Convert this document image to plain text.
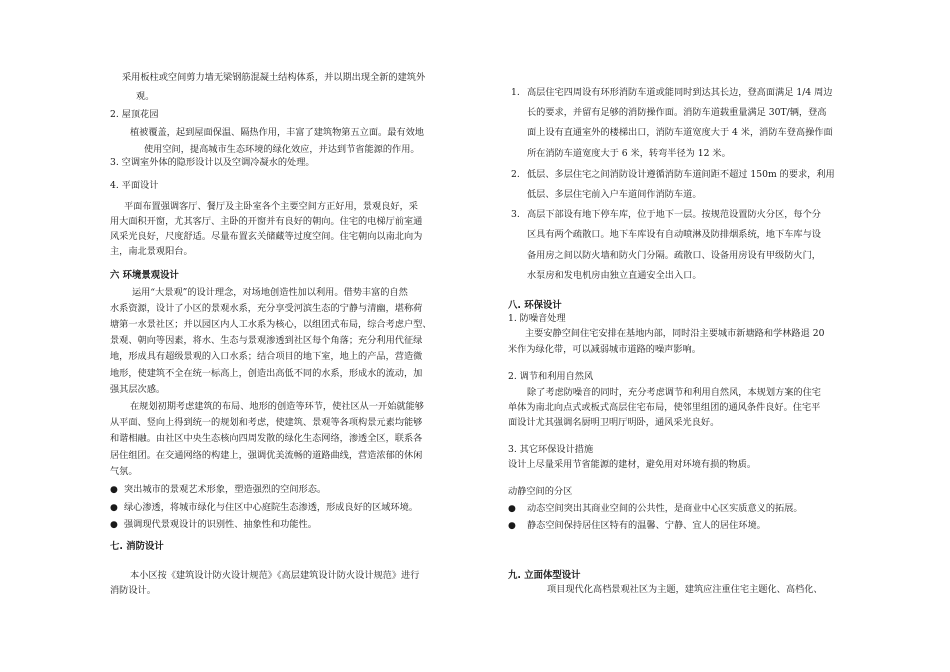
采用板柱或空间剪力墙无梁钢筋混凝土结构体系，并以期出现全新的建筑外
观。
2. 屋顶花园
植被覆盖，起到屋面保温、隔热作用，丰富了建筑物第五立面。最有效地
使用空间，提高城市生态环境的绿化效应，并达到节省能源的作用。
3. 空调室外体的隐形设计以及空调冷凝水的处理。
4. 平面设计
平面布置强调客厅、餐厅及主卧室各个主要空间方正好用，景观良好，采
用大面积开窗，尤其客厅、主卧的开窗并有良好的朝向。住宅的电梯厅前室通
风采光良好，尺度舒适。尽量布置玄关储藏等过度空间。住宅朝向以南北向为
主，南北景观阳台。
六 环境景观设计
运用“大景观”的设计理念，对场地创造性加以利用。借势丰富的自然
水系资源，设计了小区的景观水系，充分享受河滨生态的宁静与清幽，堪称荷
塘第一水景社区；并以园区内人工水系为核心，以组团式布局，综合考虑户型、
景观、朝向等因素，将水、生态与景观渗透到社区每个角落；充分利用代征绿
地，形成具有超级景观的入口水系；结合项目的地下室，地上的产品，营造微
地形，使建筑不全在统一标高上，创造出高低不同的水系，形成水的流动，加
强其层次感。
在规划初期考虑建筑的布局、地形的创造等环节，使社区从一开始就能够
从平面、竖向上得到统一的规划和考虑，使建筑、景观等各项构景元素均能够
和谐相融。由社区中央生态核向四周发散的绿化生态网络，渗透全区，联系各
居住组团。在交通网络的构建上，强调优美流畅的道路曲线，营造浓郁的休闲
气氛。
● 突出城市的景观艺术形象，塑造强烈的空间形态。
● 绿心渗透，将城市绿化与住区中心庭院生态渗透，形成良好的区域环境。
● 强调现代景观设计的识别性、抽象性和功能性。
七. 消防设计
本小区按《建筑设计防火设计规范》《高层建筑设计防火设计规范》进行
消防设计。
1. 高层住宅四周设有环形消防车道或能同时到达其长边，登高面满足 1/4 周边
长的要求，并留有足够的消防操作面。消防车道载重量满足 30T/辆，登高
面上设有直通室外的楼梯出口，消防车道宽度大于 4 米，消防车登高操作面
所在消防车道宽度大于 6 米，转弯半径为 12 米。
2. 低层、多层住宅之间消防设计遵循消防车道间距不超过 150m 的要求，利用
低层、多层住宅前入户车道间作消防车道。
3. 高层下部设有地下停车库，位于地下一层。按规范设置防火分区，每个分
区具有两个疏散口。地下车库设有自动喷淋及防排烟系统，地下车库与设
备用房之间以防火墙和防火门分隔。疏散口、设备用房设有甲级防火门，
水泵房和发电机房由独立直通安全出入口。
八. 环保设计
1. 防噪音处理
主要安静空间住宅安排在基地内部，同时沿主要城市新塘路和学林路退 20
米作为绿化带，可以减弱城市道路的噪声影响。
2. 调节和利用自然风
除了考虑防噪音的同时，充分考虑调节和利用自然风，本规划方案的住宅
单体为南北向点式或板式高层住宅布局，使邻里组团的通风条件良好。住宅平
面设计尤其强调名厨明卫明厅明卧，通风采光良好。
3. 其它环保设计措施
设计上尽量采用节省能源的建材，避免用对环境有损的物质。
动静空间的分区
● 动态空间突出其商业空间的公共性，是商业中心区实质意义的拓展。
● 静态空间保持居住区特有的温馨、宁静、宜人的居住环境。
九. 立面体型设计
项目现代化高档景观社区为主题，建筑应注重住宅主题化、高档化、
